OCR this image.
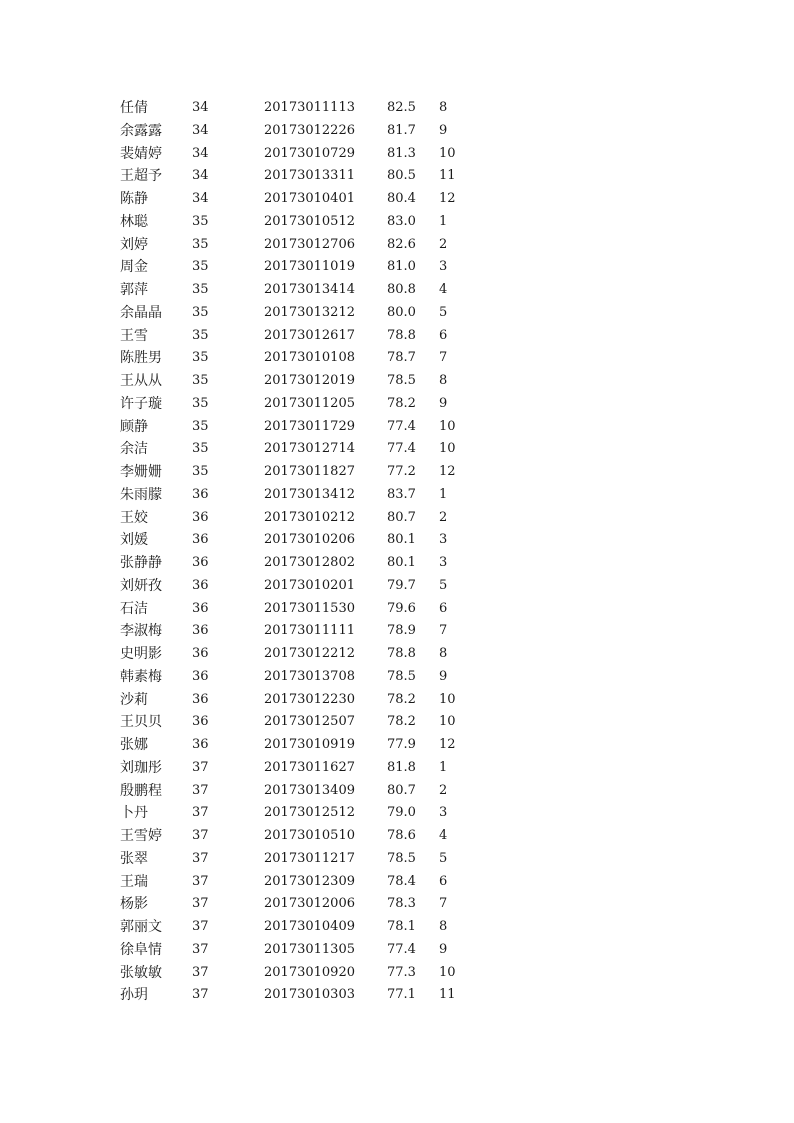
任倩	34	20173011113 82.5 8
余露露 34	20173012226 81.7 9
裴婧婷 34	20173010729 81.3 10
王超予 34	20173013311 80.5 11
陈静	34	20173010401 80.4 12
林聪	35	20173010512 83.0 1
刘婷	35	20173012706 82.6 2
周金	35	20173011019 81.0 3
郭萍	35	20173013414 80.8 4
余晶晶 35	20173013212 80.0 5
王雪	35	20173012617 78.8 6
陈胜男 35	20173010108 78.7 7
王从从 35	20173012019 78.5 8
许子璇 35	20173011205 78.2 9
顾静	35	20173011729 77.4 10
余洁	35	20173012714 77.4 10
李姗姗 35	20173011827 77.2 12
朱雨朦 36	20173013412 83.7 1
王姣	36	20173010212 80.7 2
刘媛	36	20173010206 80.1 3
张静静 36	20173012802 80.1 3
刘妍孜 36	20173010201 79.7 5
石洁	36	20173011530 79.6 6
李淑梅 36	20173011111 78.9 7
史明影 36	20173012212 78.8 8
韩素梅 36	20173013708 78.5 9
沙莉	36	20173012230 78.2 10
王贝贝 36	20173012507 78.2 10
张娜	36	20173010919 77.9 12
刘珈彤 37	20173011627 81.8 1
殷鹏程 37	20173013409 80.7 2
卜丹	37	20173012512 79.0 3
王雪婷 37	20173010510 78.6 4
张翠	37	20173011217 78.5 5
王瑞	37	20173012309 78.4 6
杨影	37	20173012006 78.3 7
郭丽文 37	20173010409 78.1 8
徐阜情 37	20173011305 77.4 9
张敏敏 37	20173010920 77.3 10
孙玥	37	20173010303 77.1 11
